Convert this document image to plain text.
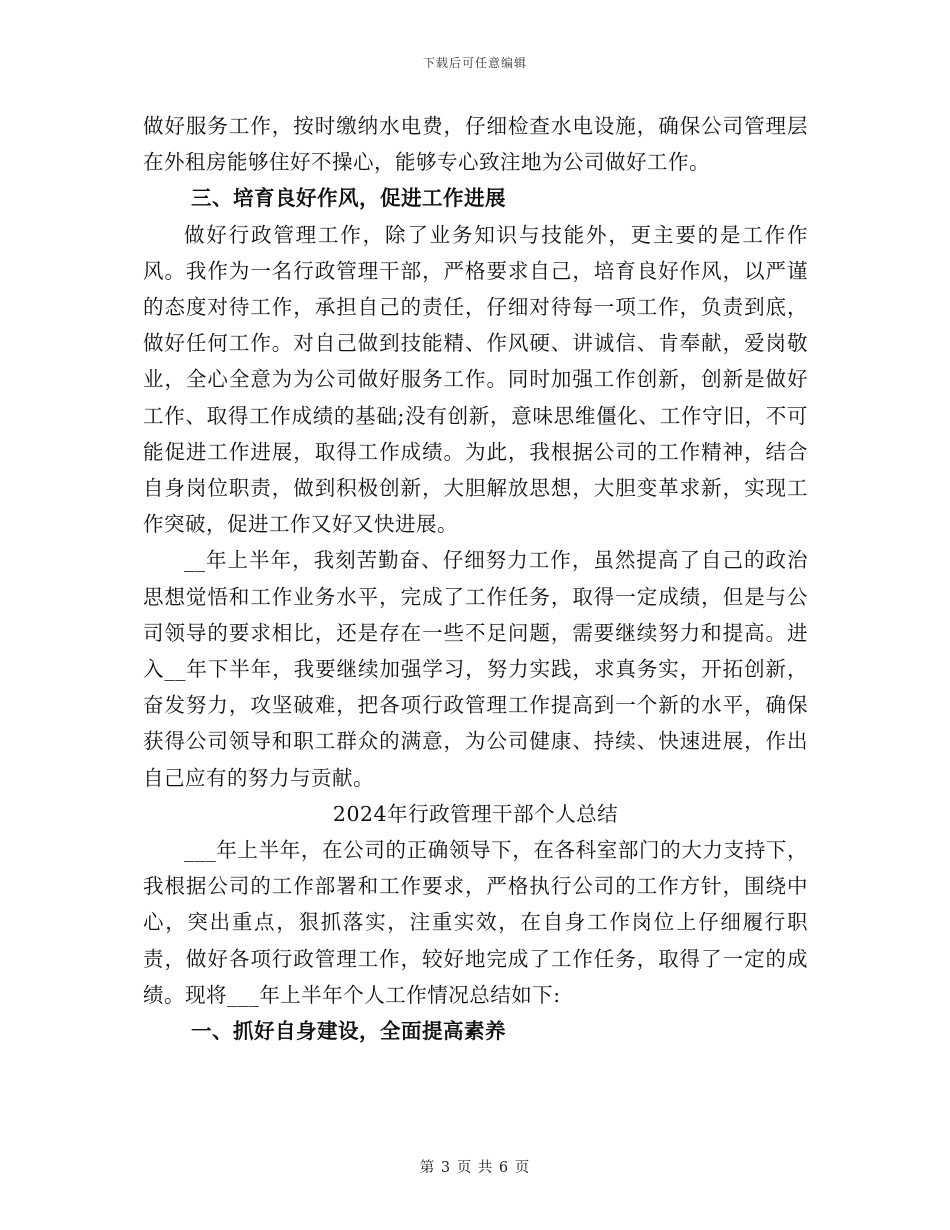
下载后可任意编辑

做好服务工作，按时缴纳水电费，仔细检查水电设施，确保公司管理层在外租房能够住好不操心，能够专心致注地为公司做好工作。

三、培育良好作风，促进工作进展

做好行政管理工作，除了业务知识与技能外，更主要的是工作作风。我作为一名行政管理干部，严格要求自己，培育良好作风，以严谨的态度对待工作，承担自己的责任，仔细对待每一项工作，负责到底，做好任何工作。对自己做到技能精、作风硬、讲诚信、肯奉献，爱岗敬业，全心全意为为公司做好服务工作。同时加强工作创新，创新是做好工作、取得工作成绩的基础;没有创新，意味思维僵化、工作守旧，不可能促进工作进展，取得工作成绩。为此，我根据公司的工作精神，结合自身岗位职责，做到积极创新，大胆解放思想，大胆变革求新，实现工作突破，促进工作又好又快进展。

__年上半年，我刻苦勤奋、仔细努力工作，虽然提高了自己的政治思想觉悟和工作业务水平，完成了工作任务，取得一定成绩，但是与公司领导的要求相比，还是存在一些不足问题，需要继续努力和提高。进入__年下半年，我要继续加强学习，努力实践，求真务实，开拓创新，奋发努力，攻坚破难，把各项行政管理工作提高到一个新的水平，确保获得公司领导和职工群众的满意，为公司健康、持续、快速进展，作出自己应有的努力与贡献。

2024年行政管理干部个人总结

___年上半年，在公司的正确领导下，在各科室部门的大力支持下，我根据公司的工作部署和工作要求，严格执行公司的工作方针，围绕中心，突出重点，狠抓落实，注重实效，在自身工作岗位上仔细履行职责，做好各项行政管理工作，较好地完成了工作任务，取得了一定的成绩。现将___年上半年个人工作情况总结如下:

一、抓好自身建设，全面提高素养

第 3 页 共 6 页
